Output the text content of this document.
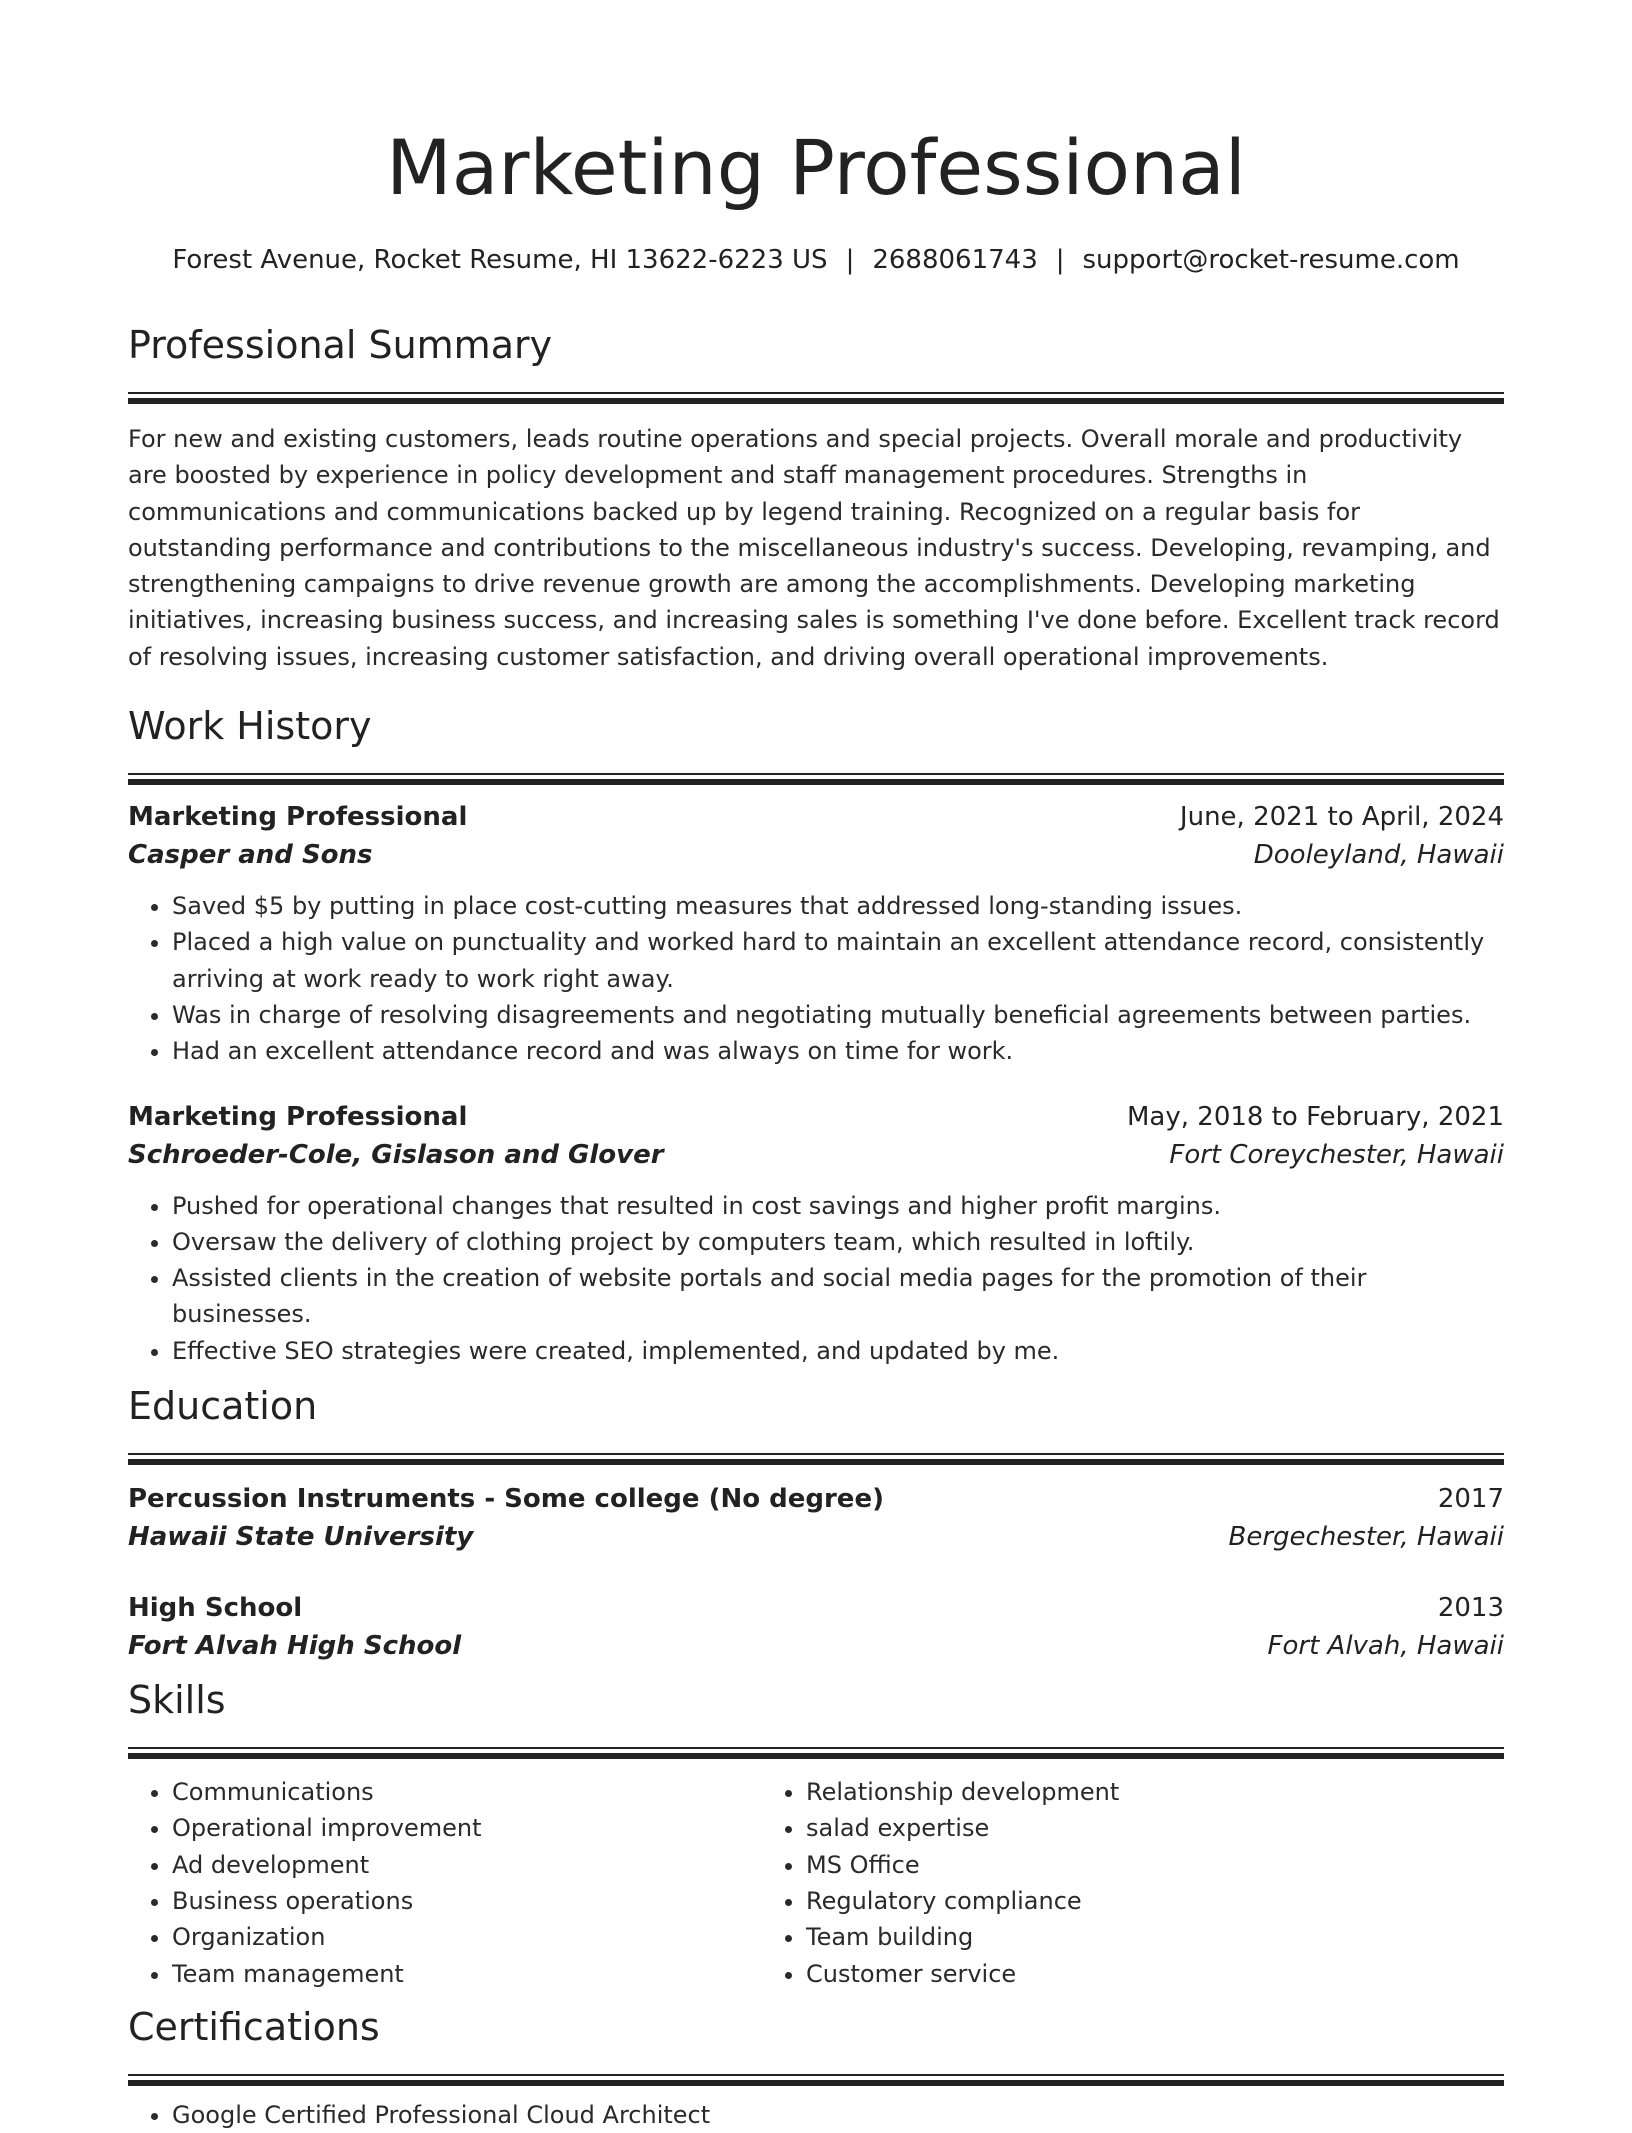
Marketing Professional
Forest Avenue, Rocket Resume, HI 13622-6223 US | 2688061743 | support@rocket-resume.com
Professional Summary
For new and existing customers, leads routine operations and special projects. Overall morale and productivity are boosted by experience in policy development and staff management procedures. Strengths in communications and communications backed up by legend training. Recognized on a regular basis for outstanding performance and contributions to the miscellaneous industry's success. Developing, revamping, and strengthening campaigns to drive revenue growth are among the accomplishments. Developing marketing initiatives, increasing business success, and increasing sales is something I've done before. Excellent track record of resolving issues, increasing customer satisfaction, and driving overall operational improvements.
Work History
Marketing Professional	June, 2021 to April, 2024
Casper and Sons	Dooleyland, Hawaii
• Saved $5 by putting in place cost-cutting measures that addressed long-standing issues.
• Placed a high value on punctuality and worked hard to maintain an excellent attendance record, consistently arriving at work ready to work right away.
• Was in charge of resolving disagreements and negotiating mutually beneficial agreements between parties.
• Had an excellent attendance record and was always on time for work.
Marketing Professional	May, 2018 to February, 2021
Schroeder-Cole, Gislason and Glover	Fort Coreychester, Hawaii
• Pushed for operational changes that resulted in cost savings and higher profit margins.
• Oversaw the delivery of clothing project by computers team, which resulted in loftily.
• Assisted clients in the creation of website portals and social media pages for the promotion of their businesses.
• Effective SEO strategies were created, implemented, and updated by me.
Education
Percussion Instruments - Some college (No degree)	2017
Hawaii State University	Bergechester, Hawaii
High School	2013
Fort Alvah High School	Fort Alvah, Hawaii
Skills
• Communications
• Operational improvement
• Ad development
• Business operations
• Organization
• Team management
• Relationship development
• salad expertise
• MS Office
• Regulatory compliance
• Team building
• Customer service
Certifications
• Google Certified Professional Cloud Architect
